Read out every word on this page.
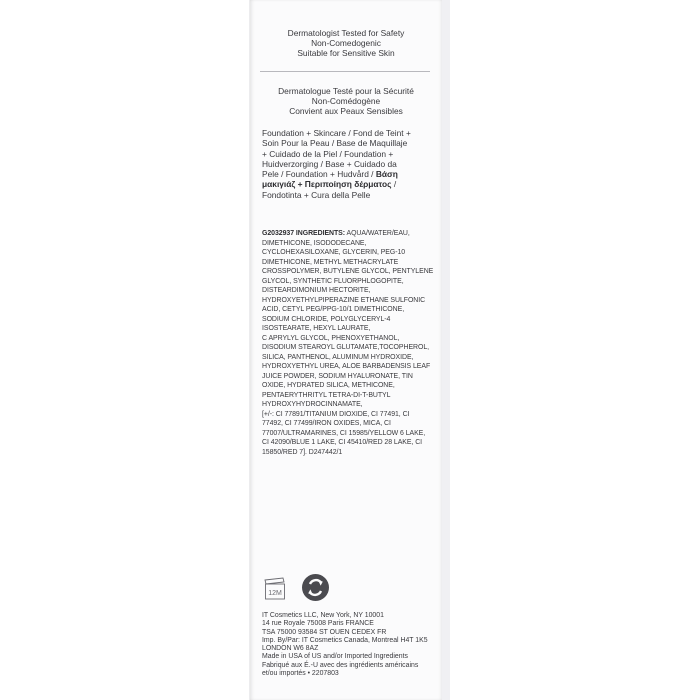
Dermatologist Tested for Safety
Non-Comedogenic
Suitable for Sensitive Skin
Dermatologue Testé pour la Sécurité
Non-Comédogène
Convient aux Peaux Sensibles
Foundation + Skincare / Fond de Teint +
Soin Pour la Peau / Base de Maquillaje
+ Cuidado de la Piel / Foundation +
Huidverzorging / Base + Cuidado da
Pele / Foundation + Hudvård / Βάση
μακιγιάζ + Περιποίηση δέρματος /
Fondotinta + Cura della Pelle
G2032937 INGREDIENTS: AQUA/WATER/EAU,
DIMETHICONE, ISODODECANE,
CYCLOHEXASILOXANE, GLYCERIN, PEG-10
DIMETHICONE, METHYL METHACRYLATE
CROSSPOLYMER, BUTYLENE GLYCOL, PENTYLENE
GLYCOL, SYNTHETIC FLUORPHLOGOPITE,
DISTEARDIMONIUM HECTORITE,
HYDROXYETHYLPIPERAZINE ETHANE SULFONIC
ACID, CETYL PEG/PPG-10/1 DIMETHICONE,
SODIUM CHLORIDE, POLYGLYCERYL-4
ISOSTEARATE, HEXYL LAURATE,
C APRYLYL GLYCOL, PHENOXYETHANOL,
DISODIUM STEAROYL GLUTAMATE,TOCOPHEROL,
SILICA, PANTHENOL, ALUMINUM HYDROXIDE,
HYDROXYETHYL UREA, ALOE BARBADENSIS LEAF
JUICE POWDER, SODIUM HYALURONATE, TIN
OXIDE, HYDRATED SILICA, METHICONE,
PENTAERYTHRITYL TETRA-DI-T-BUTYL
HYDROXYHYDROCINNAMATE,
[+/-: CI 77891/TITANIUM DIOXIDE, CI 77491, CI
77492, CI 77499/IRON OXIDES, MICA, CI
77007/ULTRAMARINES, CI 15985/YELLOW 6 LAKE,
CI 42090/BLUE 1 LAKE, CI 45410/RED 28 LAKE, CI
15850/RED 7]. D247442/1
12M
IT Cosmetics LLC, New York, NY 10001
14 rue Royale 75008 Paris FRANCE
TSA 75000 93584 ST OUEN CEDEX FR
Imp. By/Par: IT Cosmetics Canada, Montreal H4T 1K5
LONDON W6 8AZ
Made in USA of US and/or Imported Ingredients
Fabriqué aux É.-U avec des ingrédients américains
et/ou importés • 2207803
